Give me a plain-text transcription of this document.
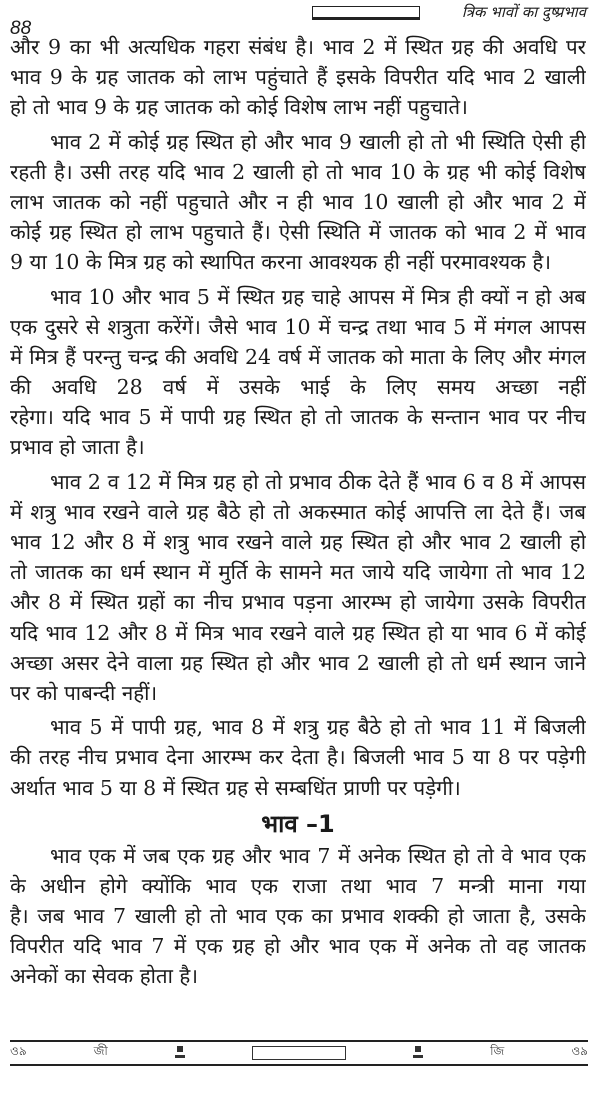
88
त्रिक भावों का दुष्प्रभाव
और 9 का भी अत्यधिक गहरा संबंध है। भाव 2 में स्थित ग्रह की अवधि पर
भाव 9 के ग्रह जातक को लाभ पहुंचाते हैं इसके विपरीत यदि भाव 2 खाली
हो तो भाव 9 के ग्रह जातक को कोई विशेष लाभ नहीं पहुचाते।
भाव 2 में कोई ग्रह स्थित हो और भाव 9 खाली हो तो भी स्थिति ऐसी ही
रहती है। उसी तरह यदि भाव 2 खाली हो तो भाव 10 के ग्रह भी कोई विशेष
लाभ जातक को नहीं पहुचाते और न ही भाव 10 खाली हो और भाव 2 में
कोई ग्रह स्थित हो लाभ पहुचाते हैं। ऐसी स्थिति में जातक को भाव 2 में भाव
9 या 10 के मित्र ग्रह को स्थापित करना आवश्यक ही नहीं परमावश्यक है।
भाव 10 और भाव 5 में स्थित ग्रह चाहे आपस में मित्र ही क्यों न हो अब
एक दुसरे से शत्रुता करेंगें। जैसे भाव 10 में चन्द्र तथा भाव 5 में मंगल आपस
में मित्र हैं परन्तु चन्द्र की अवधि 24 वर्ष में जातक को माता के लिए और मंगल
की अवधि 28 वर्ष में उसके भाई के लिए समय अच्छा नहीं
रहेगा। यदि भाव 5 में पापी ग्रह स्थित हो तो जातक के सन्तान भाव पर नीच
प्रभाव हो जाता है।
भाव 2 व 12 में मित्र ग्रह हो तो प्रभाव ठीक देते हैं भाव 6 व 8 में आपस
में शत्रु भाव रखने वाले ग्रह बैठे हो तो अकस्मात कोई आपत्ति ला देते हैं। जब
भाव 12 और 8 में शत्रु भाव रखने वाले ग्रह स्थित हो और भाव 2 खाली हो
तो जातक का धर्म स्थान में मुर्ति के सामने मत जाये यदि जायेगा तो भाव 12
और 8 में स्थित ग्रहों का नीच प्रभाव पड़ना आरम्भ हो जायेगा उसके विपरीत
यदि भाव 12 और 8 में मित्र भाव रखने वाले ग्रह स्थित हो या भाव 6 में कोई
अच्छा असर देने वाला ग्रह स्थित हो और भाव 2 खाली हो तो धर्म स्थान जाने
पर को पाबन्दी नहीं।
भाव 5 में पापी ग्रह, भाव 8 में शत्रु ग्रह बैठे हो तो भाव 11 में बिजली
की तरह नीच प्रभाव देना आरम्भ कर देता है। बिजली भाव 5 या 8 पर पड़ेगी
अर्थात भाव 5 या 8 में स्थित ग्रह से सम्बधिंत प्राणी पर पड़ेगी।
भाव –1
भाव एक में जब एक ग्रह और भाव 7 में अनेक स्थित हो तो वे भाव एक
के अधीन होगे क्योंकि भाव एक राजा तथा भाव 7 मन्त्री माना गया
है। जब भाव 7 खाली हो तो भाव एक का प्रभाव शक्की हो जाता है, उसके
विपरीत यदि भाव 7 में एक ग्रह हो और भाव एक में अनेक तो वह जातक
अनेकों का सेवक होता है।
ও৯	জী	জি	ও৯
